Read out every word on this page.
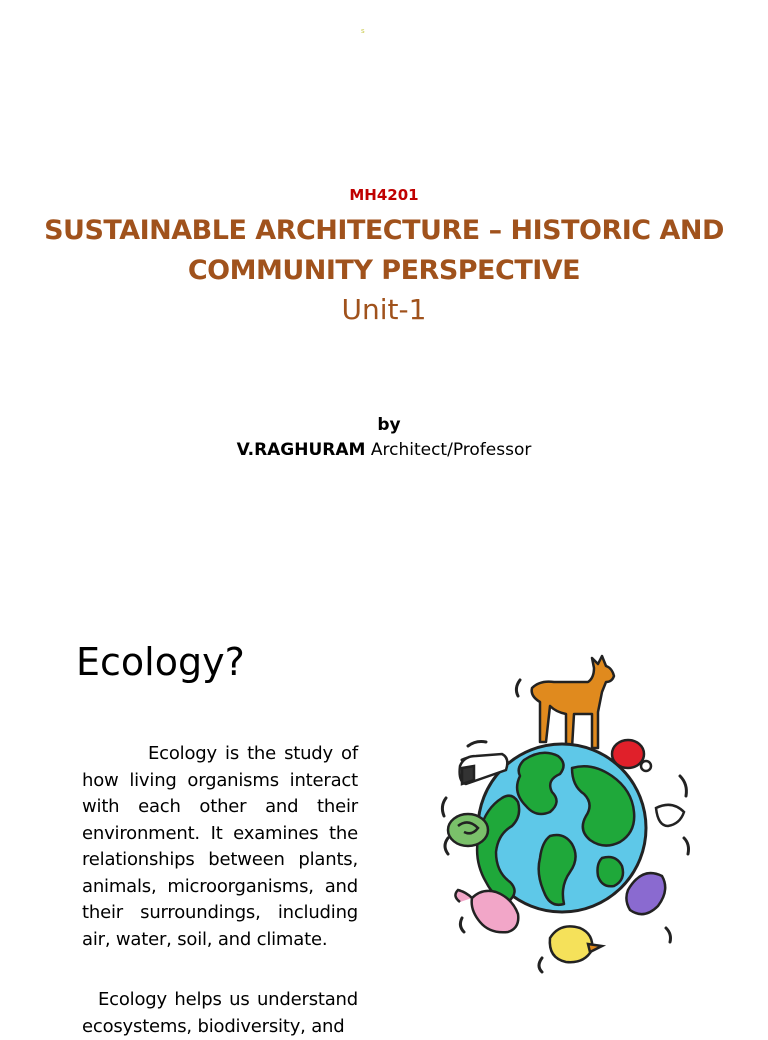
s
MH4201
SUSTAINABLE ARCHITECTURE – HISTORIC AND COMMUNITY PERSPECTIVE
Unit-1
by
V.RAGHURAM Architect/Professor
Ecology?

Ecology is the study of how living organisms interact with each other and their environment. It examines the relationships between plants, animals, microorganisms, and their surroundings, including air, water, soil, and climate.

Ecology helps us understand ecosystems, biodiversity, and
